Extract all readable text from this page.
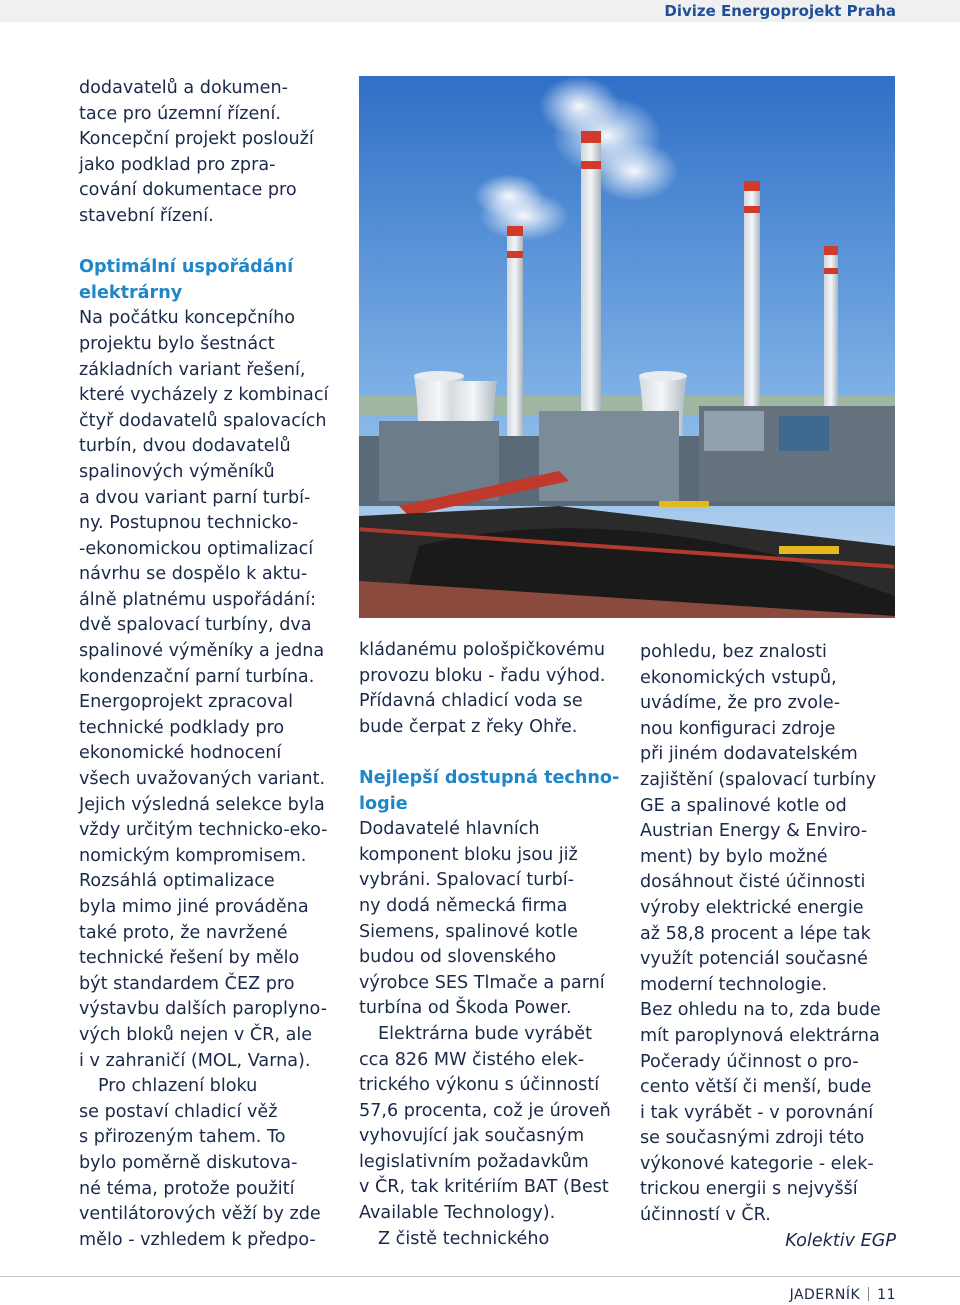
Divize Energoprojekt Praha

dodavatelů a dokumen-

tace pro územní řízení.

Koncepční projekt poslouží

jako podklad pro zpra-

cování dokumentace pro

stavební řízení.

Optimální uspořádání

elektrárny

Na počátku koncepčního

projektu bylo šestnáct

základních variant řešení,

které vycházely z kombinací

čtyř dodavatelů spalovacích

turbín, dvou dodavatelů

spalinových výměníků

a dvou variant parní turbí-

ny. Postupnou technicko-

-ekonomickou optimalizací

návrhu se dospělo k aktu-

álně platnému uspořádání:

dvě spalovací turbíny, dva

spalinové výměníky a jedna

kondenzační parní turbína.

Energoprojekt zpracoval

technické podklady pro

ekonomické hodnocení

všech uvažovaných variant.

Jejich výsledná selekce byla

vždy určitým technicko-eko-

nomickým kompromisem.

Rozsáhlá optimalizace

byla mimo jiné prováděna

také proto, že navržené

technické řešení by mělo

být standardem ČEZ pro

výstavbu dalších paroplyno-

vých bloků nejen v ČR, ale

i v zahraničí (MOL, Varna).

Pro chlazení bloku

se postaví chladicí věž

s přirozeným tahem. To

bylo poměrně diskutova-

né téma, protože použití

ventilátorových věží by zde

mělo - vzhledem k předpo-

kládanému pološpičkovému

provozu bloku - řadu výhod.

Přídavná chladicí voda se

bude čerpat z řeky Ohře.

Nejlepší dostupná techno-

logie

Dodavatelé hlavních

komponent bloku jsou již

vybráni. Spalovací turbí-

ny dodá německá firma

Siemens, spalinové kotle

budou od slovenského

výrobce SES Tlmače a parní

turbína od Škoda Power.

Elektrárna bude vyrábět

cca 826 MW čistého elek-

trického výkonu s účinností

57,6 procenta, což je úroveň

vyhovující jak současným

legislativním požadavkům

v ČR, tak kritériím BAT (Best

Available Technology).

Z čistě technického

pohledu, bez znalosti

ekonomických vstupů,

uvádíme, že pro zvole-

nou konfiguraci zdroje

při jiném dodavatelském

zajištění (spalovací turbíny

GE a spalinové kotle od

Austrian Energy & Enviro-

ment) by bylo možné

dosáhnout čisté účinnosti

výroby elektrické energie

až 58,8 procent a lépe tak

využít potenciál současné

moderní technologie.

Bez ohledu na to, zda bude

mít paroplynová elektrárna

Počerady účinnost o pro-

cento větší či menší, bude

i tak vyrábět - v porovnání

se současnými zdroji této

výkonové kategorie - elek-

trickou energii s nejvyšší

účinností v ČR.

Kolektiv EGP

JADERNÍK 11
